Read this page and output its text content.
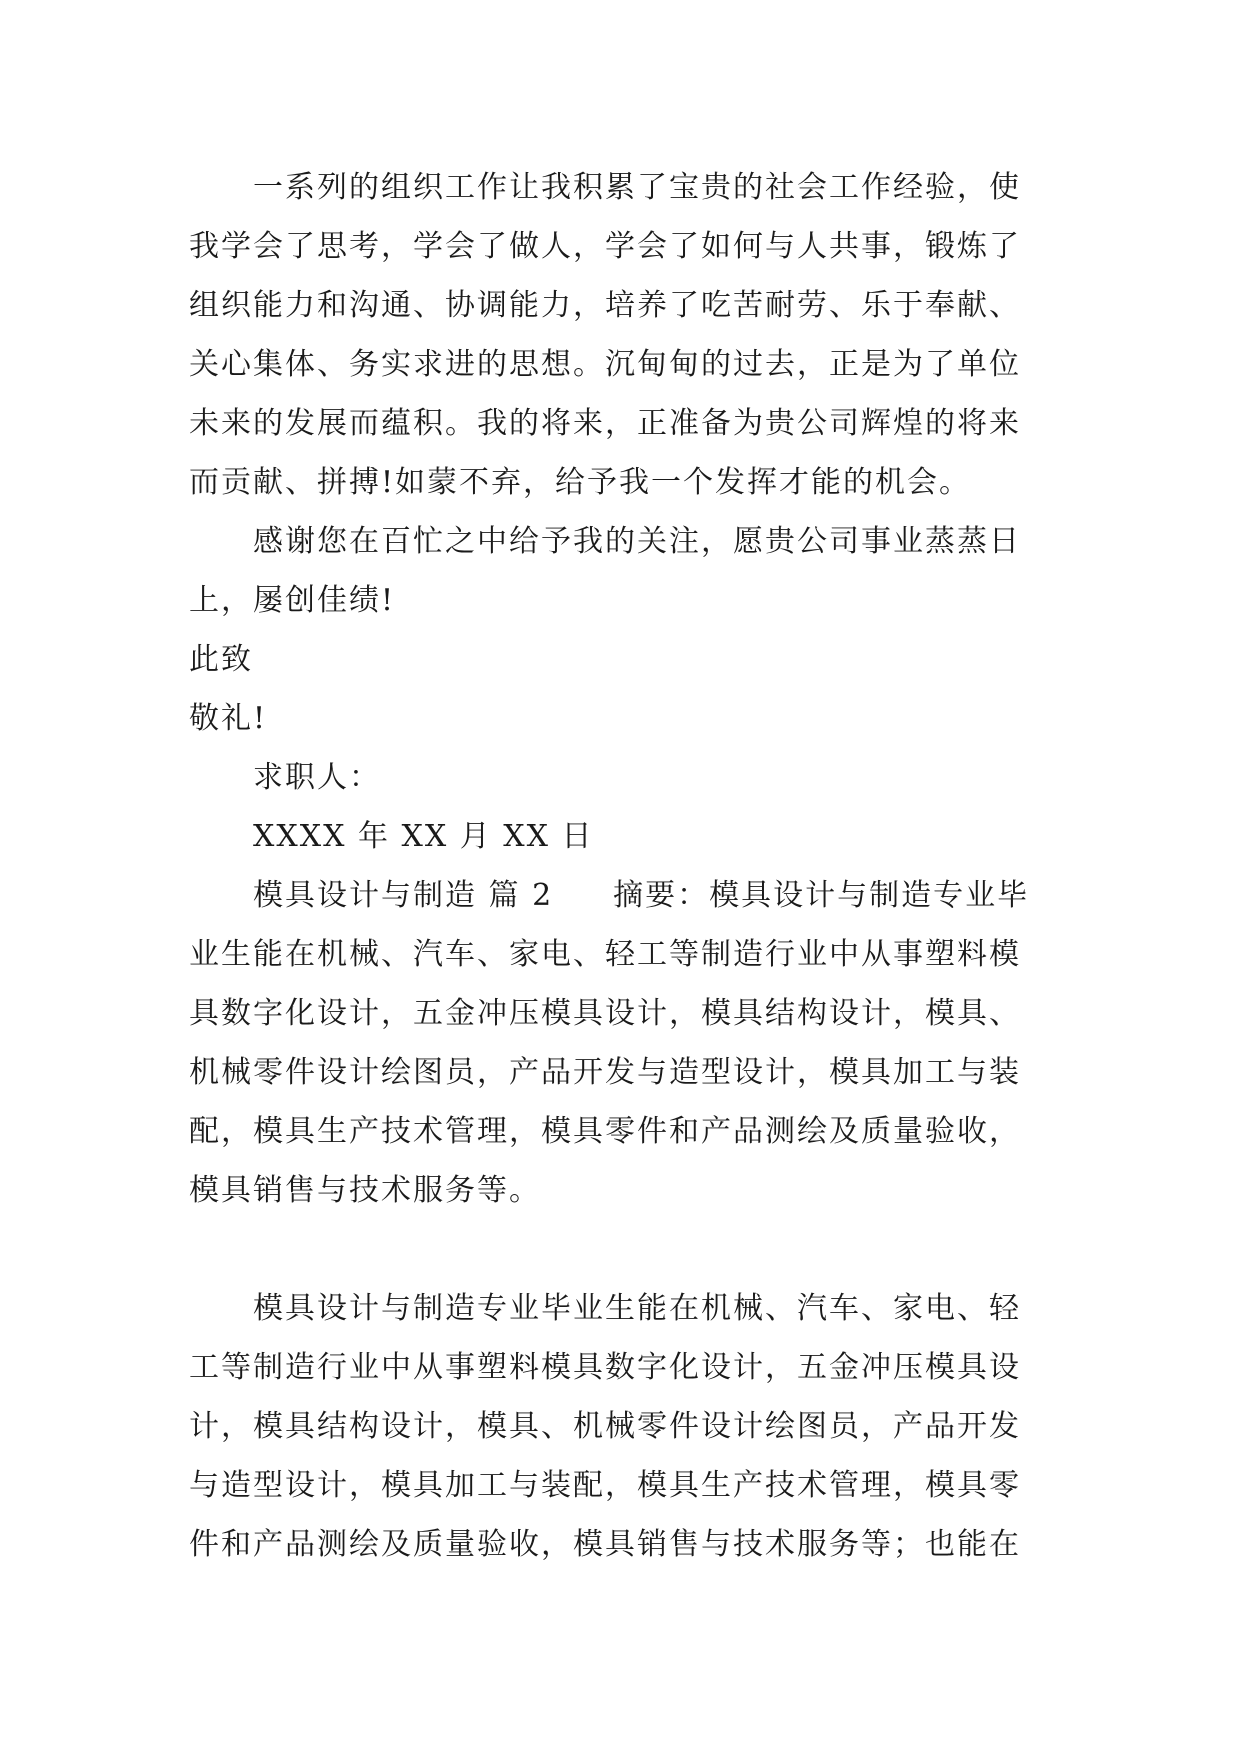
一系列的组织工作让我积累了宝贵的社会工作经验，使
我学会了思考，学会了做人，学会了如何与人共事，锻炼了
组织能力和沟通、协调能力，培养了吃苦耐劳、乐于奉献、
关心集体、务实求进的思想。沉甸甸的过去，正是为了单位
未来的发展而蕴积。我的将来，正准备为贵公司辉煌的将来
而贡献、拼搏!如蒙不弃，给予我一个发挥才能的机会。
感谢您在百忙之中给予我的关注，愿贵公司事业蒸蒸日
上，屡创佳绩!
此致
敬礼!
求职人：
XXXX 年 XX 月 XX 日
模具设计与制造 篇 2 摘要：模具设计与制造专业毕
业生能在机械、汽车、家电、轻工等制造行业中从事塑料模
具数字化设计，五金冲压模具设计，模具结构设计，模具、
机械零件设计绘图员，产品开发与造型设计，模具加工与装
配，模具生产技术管理，模具零件和产品测绘及质量验收，
模具销售与技术服务等。
模具设计与制造专业毕业生能在机械、汽车、家电、轻
工等制造行业中从事塑料模具数字化设计，五金冲压模具设
计，模具结构设计，模具、机械零件设计绘图员，产品开发
与造型设计，模具加工与装配，模具生产技术管理，模具零
件和产品测绘及质量验收，模具销售与技术服务等；也能在
